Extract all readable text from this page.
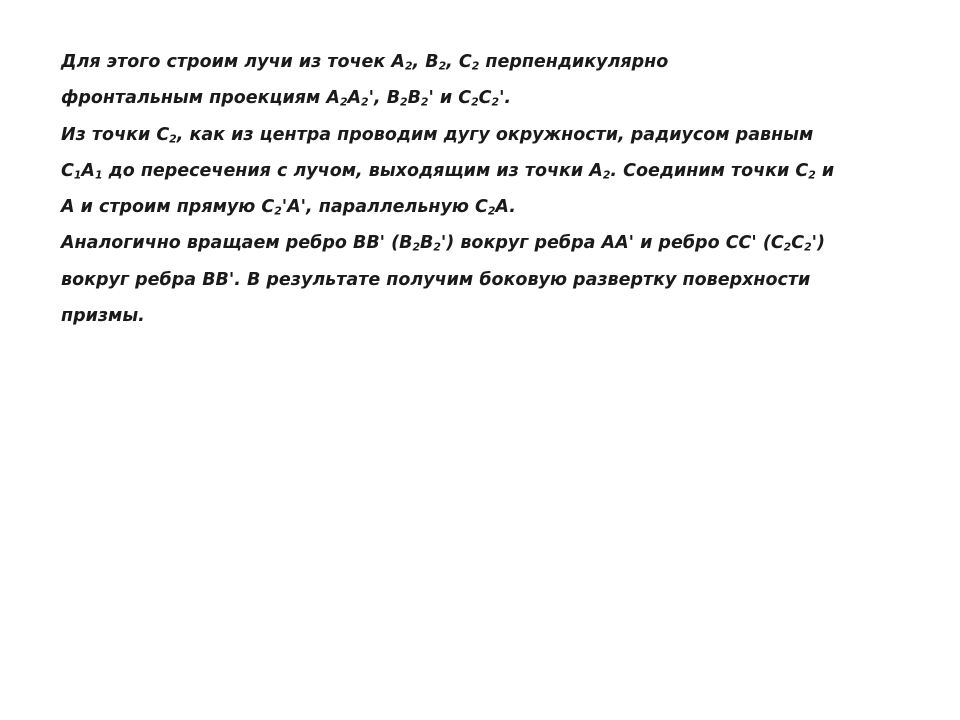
Для этого строим лучи из точек $A_2$, $B_2$, $C_2$ перпендикулярно
фронтальным проекциям $A_2A_2'$, $B_2B_2'$ и $C_2C_2'$.
Из точки $C_2$, как из центра проводим дугу окружности, радиусом равным
$C_1A_1$ до пересечения с лучом, выходящим из точки $A_2$. Соединим точки $C_2$ и
A и строим прямую $C_2'A'$, параллельную $C_2A$.
Аналогично вращаем ребро BB' $(B_2B_2')$ вокруг ребра AA' и ребро CC' $(C_2C_2')$
вокруг ребра BB'. В результате получим боковую развертку поверхности
призмы.
